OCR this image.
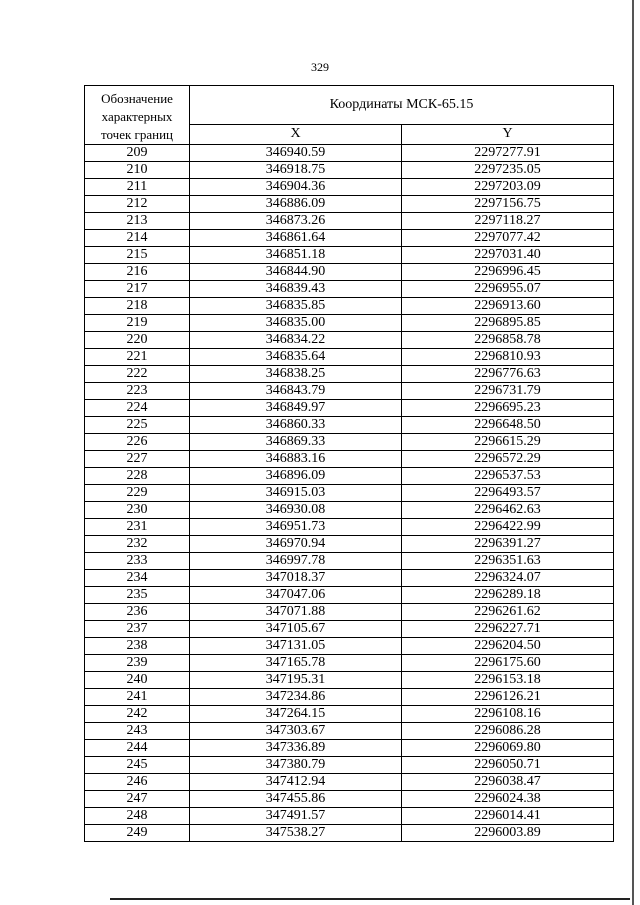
329
Обозначение характерных точек границ	Координаты МСК-65.15	
	X	Y
209	346940.59	2297277.91
210	346918.75	2297235.05
211	346904.36	2297203.09
212	346886.09	2297156.75
213	346873.26	2297118.27
214	346861.64	2297077.42
215	346851.18	2297031.40
216	346844.90	2296996.45
217	346839.43	2296955.07
218	346835.85	2296913.60
219	346835.00	2296895.85
220	346834.22	2296858.78
221	346835.64	2296810.93
222	346838.25	2296776.63
223	346843.79	2296731.79
224	346849.97	2296695.23
225	346860.33	2296648.50
226	346869.33	2296615.29
227	346883.16	2296572.29
228	346896.09	2296537.53
229	346915.03	2296493.57
230	346930.08	2296462.63
231	346951.73	2296422.99
232	346970.94	2296391.27
233	346997.78	2296351.63
234	347018.37	2296324.07
235	347047.06	2296289.18
236	347071.88	2296261.62
237	347105.67	2296227.71
238	347131.05	2296204.50
239	347165.78	2296175.60
240	347195.31	2296153.18
241	347234.86	2296126.21
242	347264.15	2296108.16
243	347303.67	2296086.28
244	347336.89	2296069.80
245	347380.79	2296050.71
246	347412.94	2296038.47
247	347455.86	2296024.38
248	347491.57	2296014.41
249	347538.27	2296003.89
